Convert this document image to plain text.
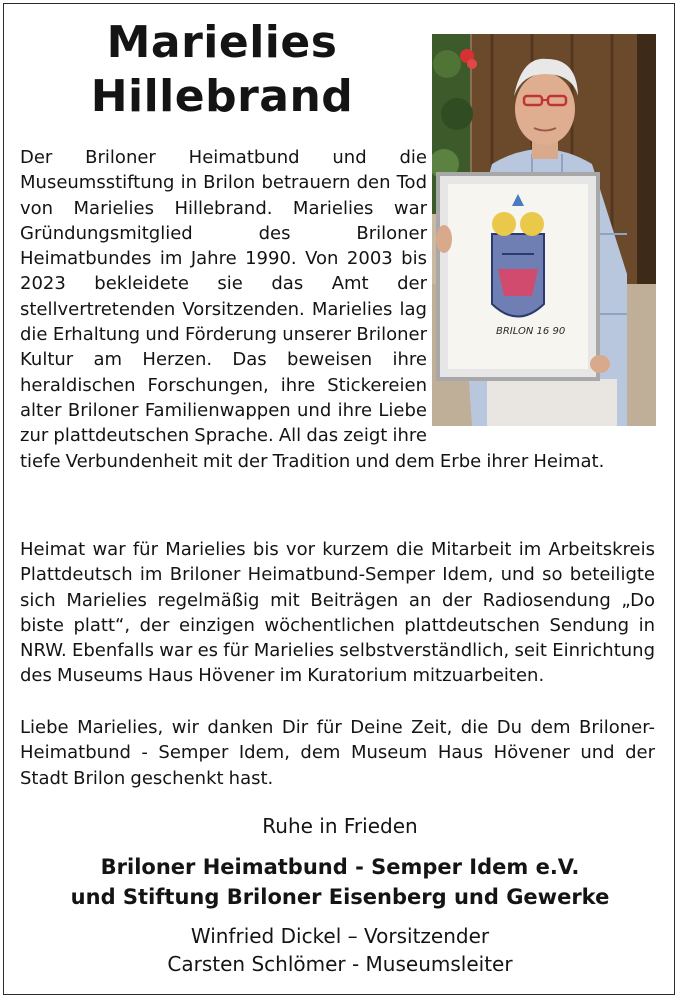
Marielies
Hillebrand
BRILON 16 90

Der Briloner Heimatbund und die Museumsstiftung in Brilon betrauern den Tod von Marielies Hillebrand. Marielies war Gründungsmitglied des Briloner Heimatbundes im Jahre 1990. Von 2003 bis 2023 bekleidete sie das Amt der stellvertretenden Vorsitzenden. Marielies lag die Erhaltung und Förderung unserer Briloner Kultur am Herzen. Das beweisen ihre heraldischen Forschungen, ihre Stickereien alter Briloner Familienwappen und ihre Liebe zur plattdeutschen Sprache. All das zeigt ihre tiefe Verbundenheit mit der Tradition und dem Erbe ihrer Heimat.

Heimat war für Marielies bis vor kurzem die Mitarbeit im Arbeitskreis Plattdeutsch im Briloner Heimatbund-Semper Idem, und so beteiligte sich Marielies regelmäßig mit Beiträgen an der Radiosendung „Do biste platt“, der einzigen wöchentlichen plattdeutschen Sendung in NRW. Ebenfalls war es für Marielies selbstverständlich, seit Einrichtung des Museums Haus Hövener im Kuratorium mitzuarbeiten.

Liebe Marielies, wir danken Dir für Deine Zeit, die Du dem Briloner-Heimatbund - Semper Idem, dem Museum Haus Hövener und der Stadt Brilon geschenkt hast.

Ruhe in Frieden

Briloner Heimatbund - Semper Idem e.V.
und Stiftung Briloner Eisenberg und Gewerke

Winfried Dickel – Vorsitzender
Carsten Schlömer - Museumsleiter
